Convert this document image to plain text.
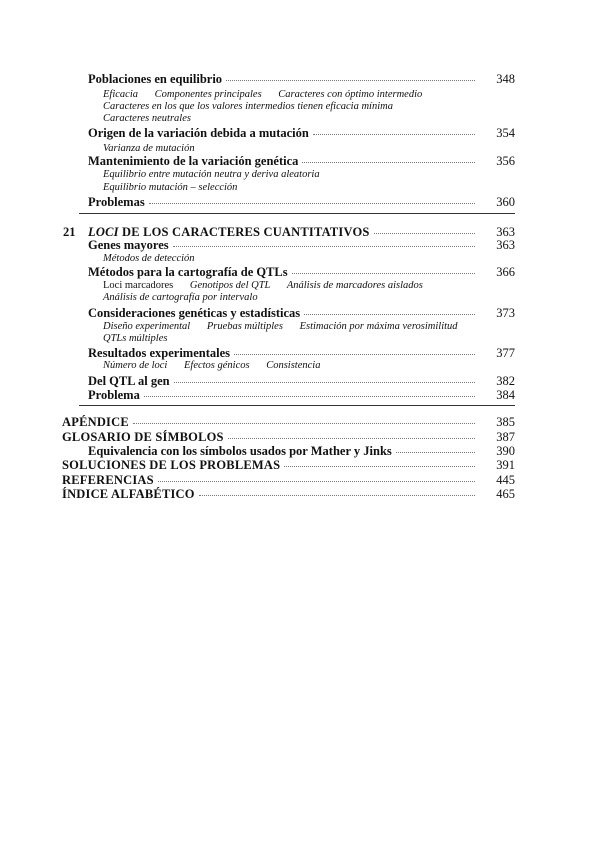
Poblaciones en equilibrio	348
Eficacia Componentes principales Caracteres con óptimo intermedio
Caracteres en los que los valores intermedios tienen eficacia mínima
Caracteres neutrales
Origen de la variación debida a mutación	354
Varianza de mutación
Mantenimiento de la variación genética	356
Equilibrio entre mutación neutra y deriva aleatoria
Equilibrio mutación – selección
Problemas	360
21 LOCI DE LOS CARACTERES CUANTITATIVOS	363
Genes mayores	363
Métodos de detección
Métodos para la cartografía de QTLs	366
Loci marcadores Genotipos del QTL Análisis de marcadores aislados
Análisis de cartografía por intervalo
Consideraciones genéticas y estadísticas	373
Diseño experimental Pruebas múltiples Estimación por máxima verosimilitud
QTLs múltiples
Resultados experimentales	377
Número de loci Efectos génicos Consistencia
Del QTL al gen	382
Problema	384
APÉNDICE	385
GLOSARIO DE SÍMBOLOS	387
Equivalencia con los símbolos usados por Mather y Jinks	390
SOLUCIONES DE LOS PROBLEMAS	391
REFERENCIAS	445
ÍNDICE ALFABÉTICO	465
